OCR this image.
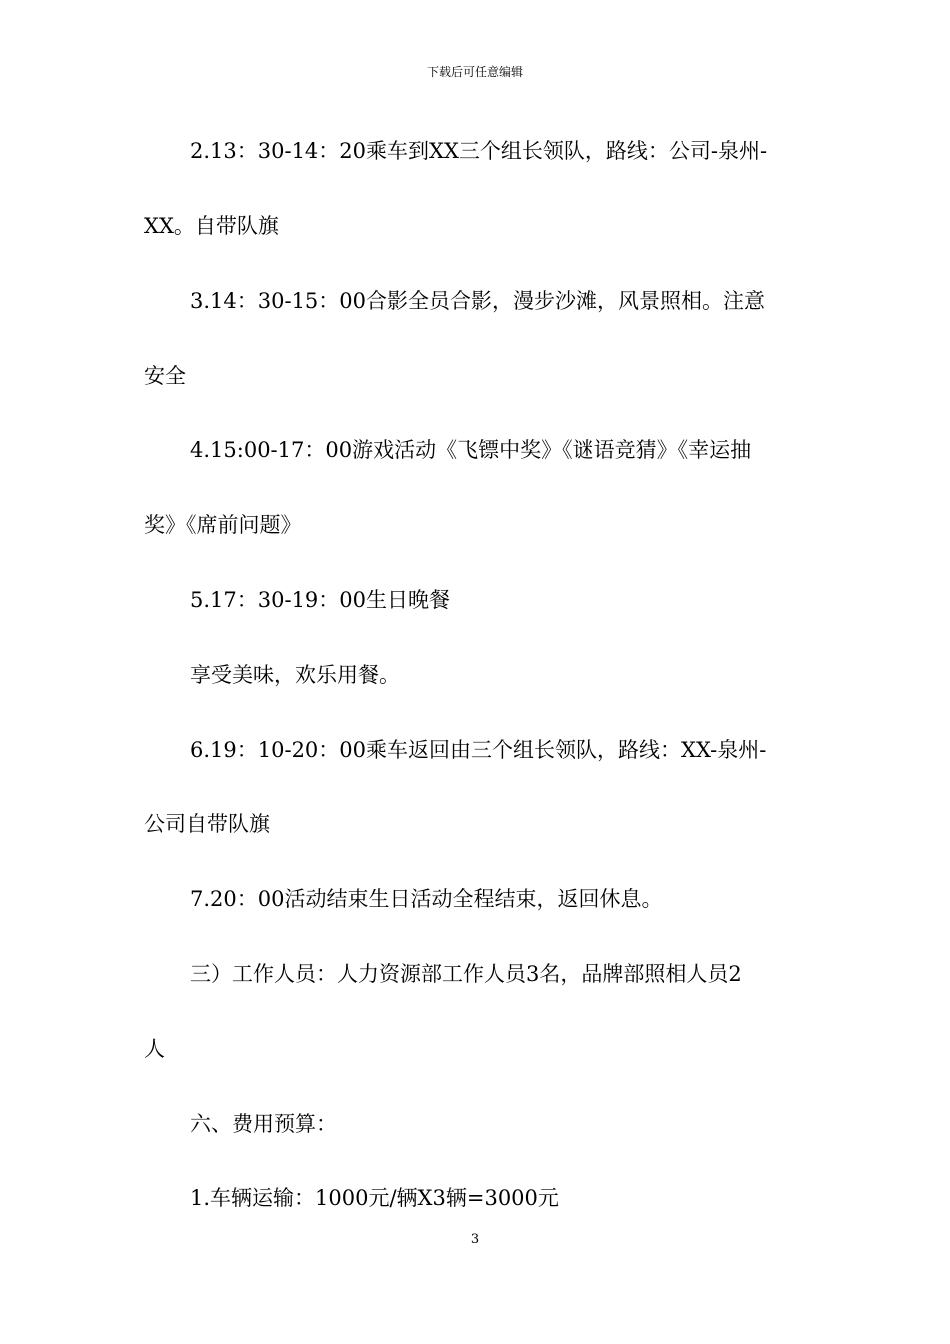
下载后可任意编辑
2.13：30-14：20乘车到XX三个组长领队，路线：公司-泉州-
XX。自带队旗
3.14：30-15：00合影全员合影，漫步沙滩，风景照相。注意
安全
4.15:00-17：00游戏活动《飞镖中奖》《谜语竞猜》《幸运抽
奖》《席前问题》
5.17：30-19：00生日晚餐
享受美味，欢乐用餐。
6.19：10-20：00乘车返回由三个组长领队，路线：XX-泉州-
公司自带队旗
7.20：00活动结束生日活动全程结束，返回休息。
三）工作人员：人力资源部工作人员3名，品牌部照相人员2
人
六、费用预算：
1.车辆运输：1000元/辆X3辆=3000元
3
